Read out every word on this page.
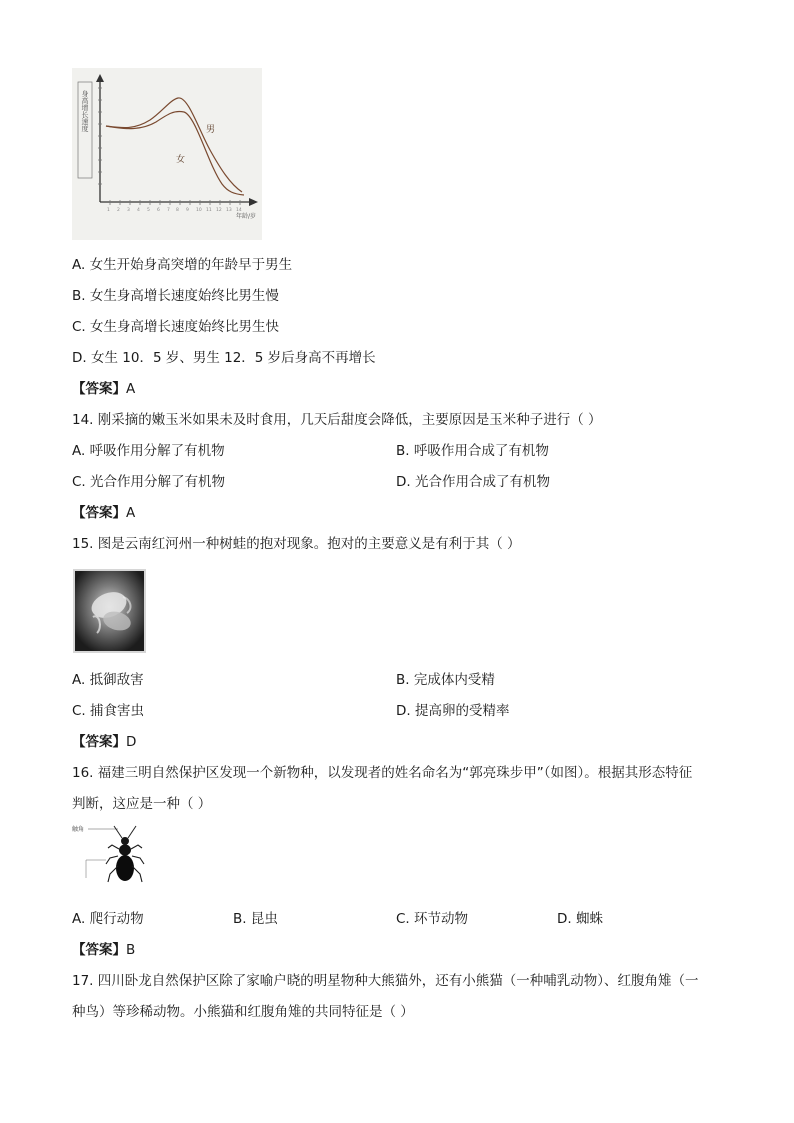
1 2 3 4 5 6 7 8 9 10 11 12 13 14
身高增长速度	男
女
年龄/岁
A. 女生开始身高突增的年龄早于男生
B. 女生身高增长速度始终比男生慢
C. 女生身高增长速度始终比男生快
D. 女生 10．5 岁、男生 12．5 岁后身高不再增长
【答案】A
14. 刚采摘的嫩玉米如果未及时食用，几天后甜度会降低，主要原因是玉米种子进行（ ）
A. 呼吸作用分解了有机物	B. 呼吸作用合成了有机物
C. 光合作用分解了有机物	D. 光合作用合成了有机物
【答案】A
15. 图是云南红河州一种树蛙的抱对现象。抱对的主要意义是有利于其（ ）
A. 抵御敌害	B. 完成体内受精
C. 捕食害虫	D. 提高卵的受精率
【答案】D
16. 福建三明自然保护区发现一个新物种，以发现者的姓名命名为“郭亮珠步甲”（如图）。根据其形态特征
判断，这应是一种（ ）
触角
A. 爬行动物	B. 昆虫	C. 环节动物	D. 蜘蛛
【答案】B
17. 四川卧龙自然保护区除了家喻户晓的明星物种大熊猫外，还有小熊猫（一种哺乳动物）、红腹角雉（一
种鸟）等珍稀动物。小熊猫和红腹角雉的共同特征是（ ）
